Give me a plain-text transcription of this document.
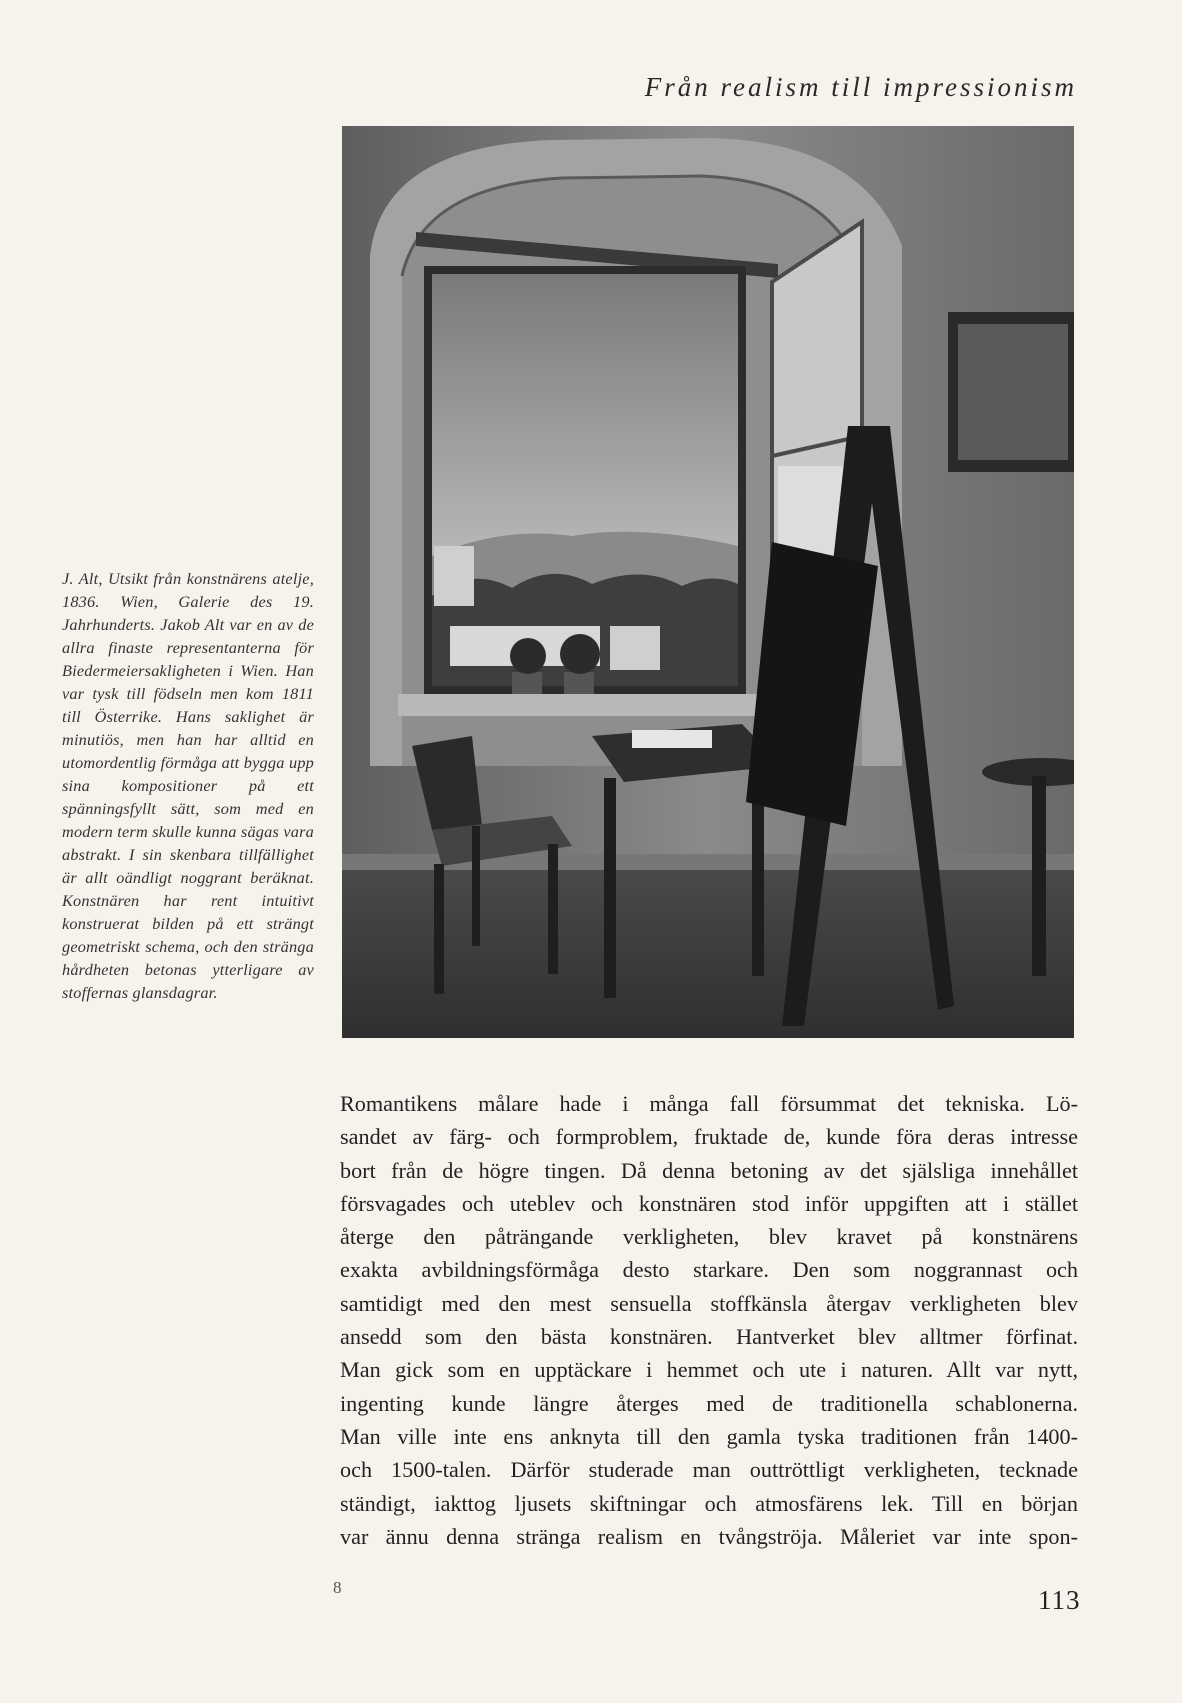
Från realism till impressionism
J. Alt, Utsikt från konstnärens atelje, 1836. Wien, Galerie des 19. Jahrhunderts. Jakob Alt var en av de allra finaste representanterna för Biedermeiersakligheten i Wien. Han var tysk till födseln men kom 1811 till Österrike. Hans saklighet är minutiös, men han har alltid en utomordentlig förmåga att bygga upp sina kompositioner på ett spänningsfyllt sätt, som med en modern term skulle kunna sägas vara abstrakt. I sin skenbara tillfällighet är allt oändligt noggrant beräknat. Konstnären har rent intuitivt konstruerat bilden på ett strängt geometriskt schema, och den stränga hårdheten betonas ytterligare av stoffernas glansdagrar.
Romantikens målare hade i många fall försummat det tekniska. Lö-
sandet av färg- och formproblem, fruktade de, kunde föra deras intresse
bort från de högre tingen. Då denna betoning av det själsliga innehållet
försvagades och uteblev och konstnären stod inför uppgiften att i stället
återge den påträngande verkligheten, blev kravet på konstnärens
exakta avbildningsförmåga desto starkare. Den som noggrannast och
samtidigt med den mest sensuella stoffkänsla återgav verkligheten blev
ansedd som den bästa konstnären. Hantverket blev alltmer förfinat.
Man gick som en upptäckare i hemmet och ute i naturen. Allt var nytt,
ingenting kunde längre återges med de traditionella schablonerna.
Man ville inte ens anknyta till den gamla tyska traditionen från 1400-
och 1500-talen. Därför studerade man outtröttligt verkligheten, tecknade
ständigt, iakttog ljusets skiftningar och atmosfärens lek. Till en början
var ännu denna stränga realism en tvångströja. Måleriet var inte spon-
8	113
